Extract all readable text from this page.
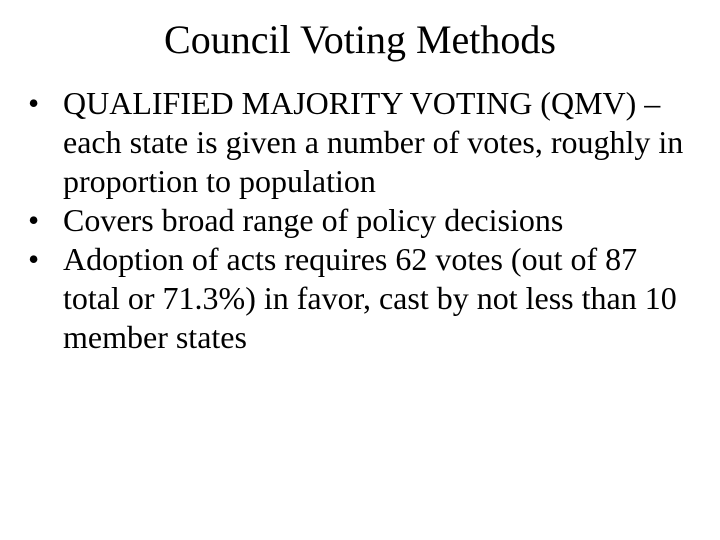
Council Voting Methods
• QUALIFIED MAJORITY VOTING (QMV) – each state is given a number of votes, roughly in proportion to population
• Covers broad range of policy decisions
• Adoption of acts requires 62 votes (out of 87 total or 71.3%) in favor, cast by not less than 10 member states
